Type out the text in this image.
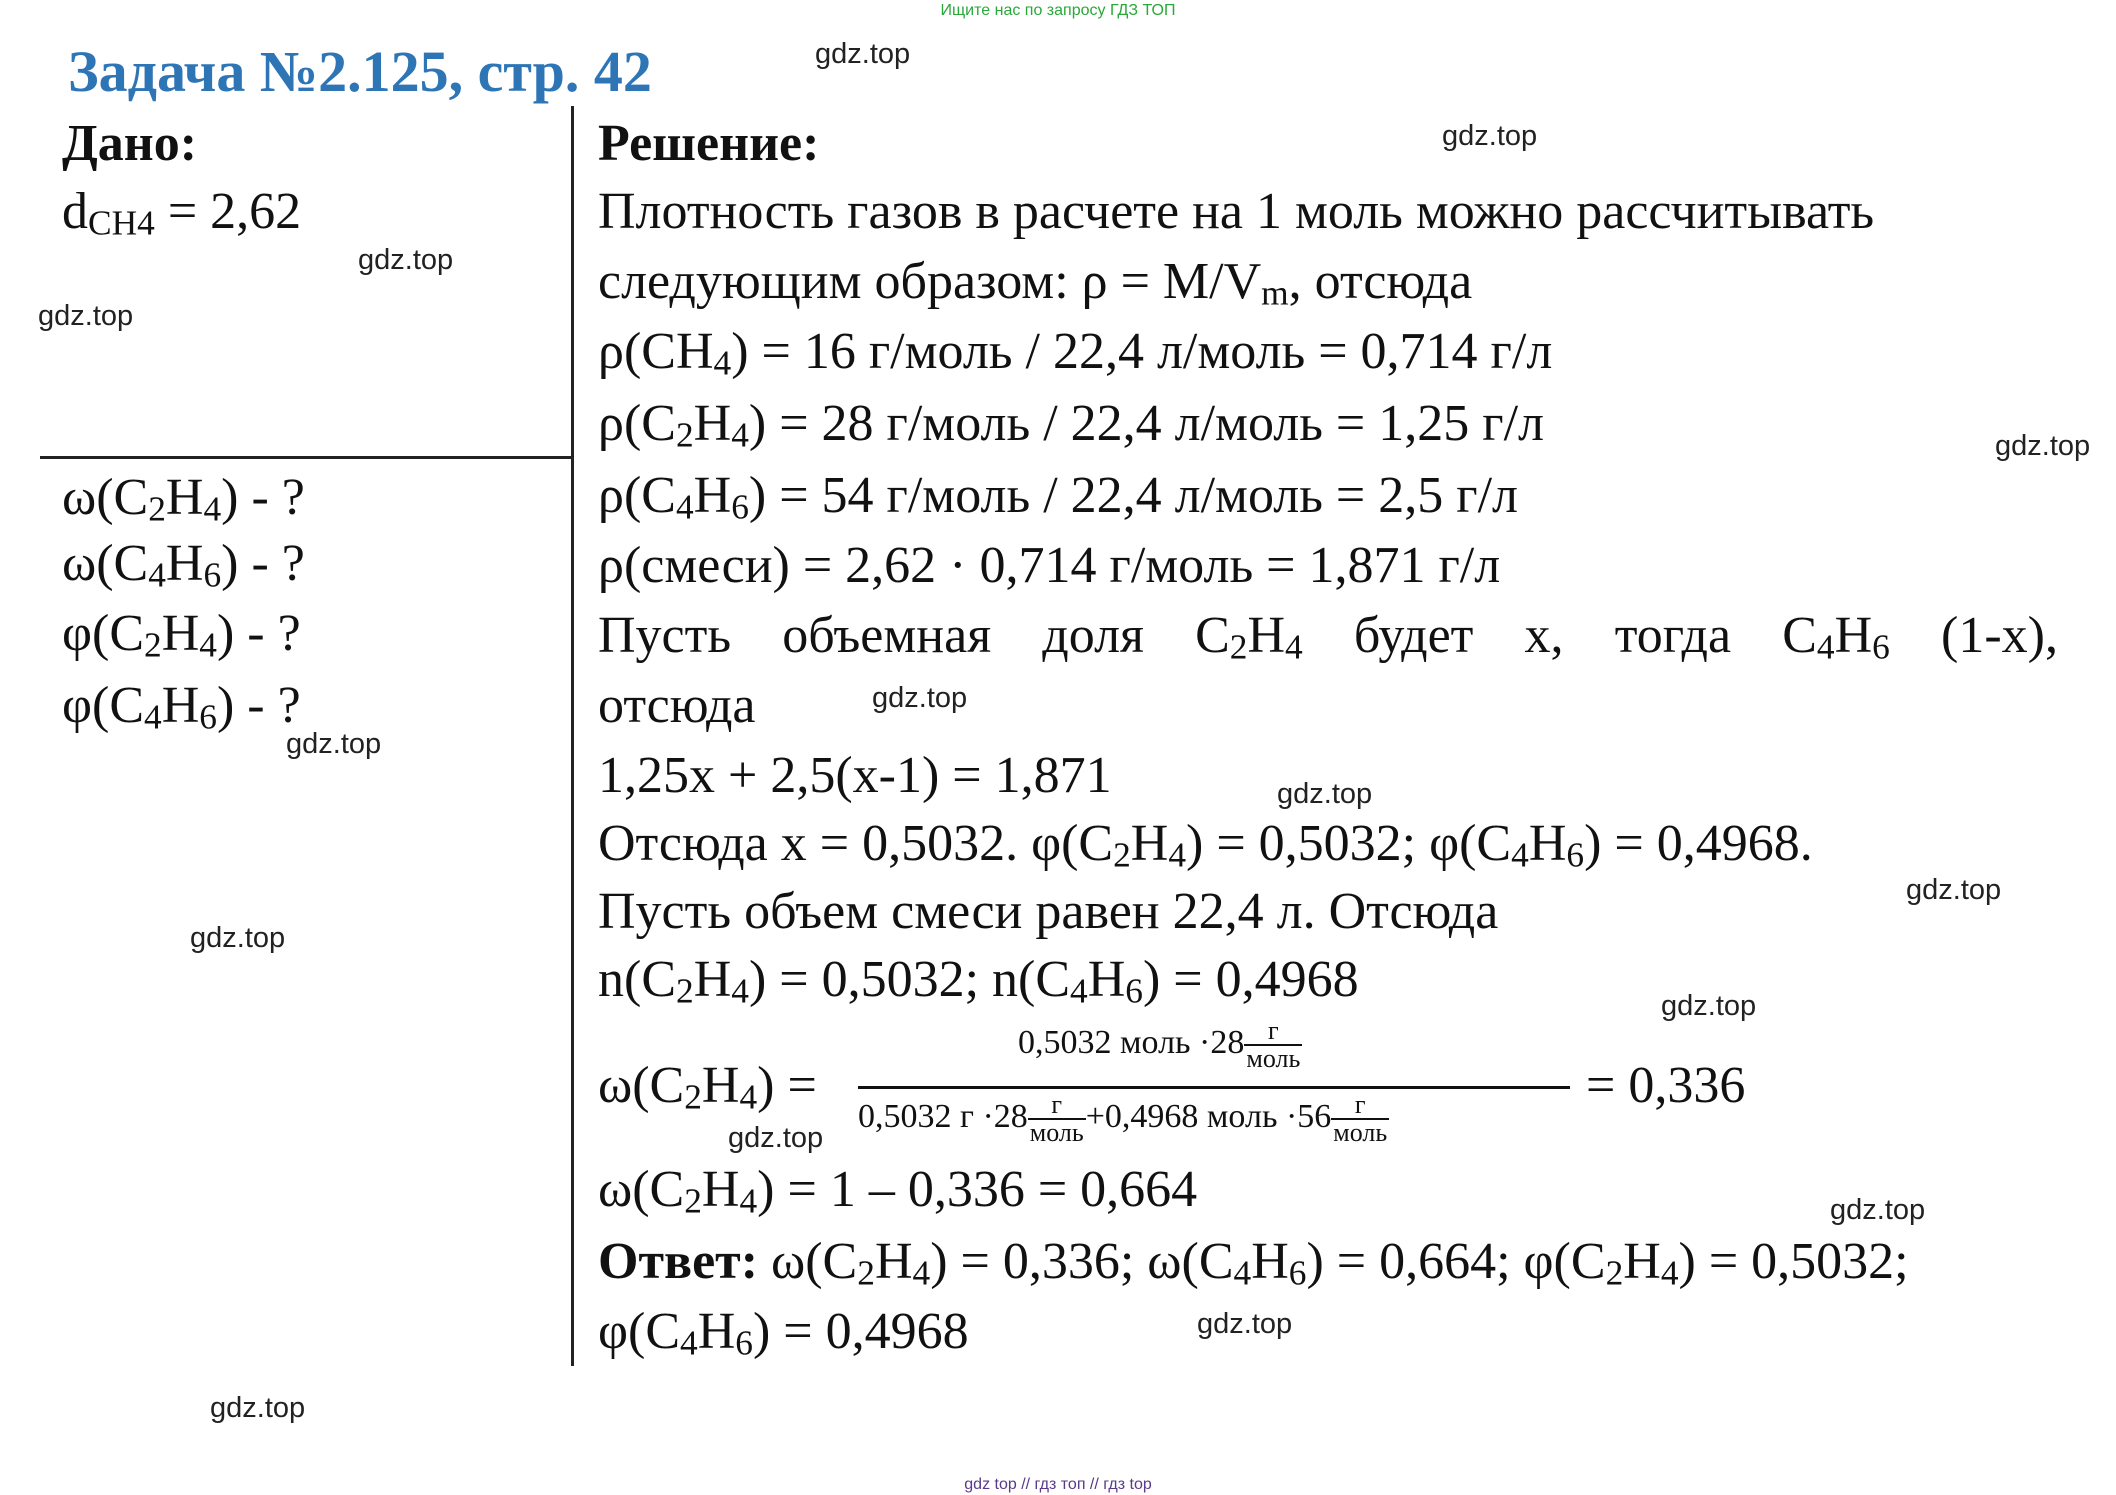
Ищите нас по запросу ГДЗ ТОП
Задача №2.125, стр. 42	gdz.top
gdz.top
gdz.top
gdz.top
gdz.top
gdz.top
gdz.top
gdz.top
gdz.top
gdz.top
gdz.top
gdz.top
gdz.top
gdz.top
gdz.top
Дано:
dCH4 = 2,62
ω(C2H4) - ?
ω(C4H6) - ?
φ(C2H4) - ?
φ(C4H6) - ?
Решение:
Плотность газов в расчете на 1 моль можно рассчитывать
следующим образом: ρ = M/Vm, отсюда
ρ(CH4) = 16 г/моль / 22,4 л/моль = 0,714 г/л
ρ(C2H4) = 28 г/моль / 22,4 л/моль = 1,25 г/л
ρ(C4H6) = 54 г/моль / 22,4 л/моль = 2,5 г/л
ρ(смеси) = 2,62 · 0,714 г/моль = 1,871 г/л
Пусть объемная доля C2H4 будет x, тогда C4H6 (1-x),
отсюда
1,25x + 2,5(x-1) = 1,871
Отсюда x = 0,5032. φ(C2H4) = 0,5032; φ(C4H6) = 0,4968.
Пусть объем смеси равен 22,4 л. Отсюда
n(C2H4) = 0,5032; n(C4H6) = 0,4968
ω(C2H4) =
0,5032 моль $\cdot 28 \frac{г}{\text{моль}}$
0,5032 $г \cdot 28 \frac{г}{\text{моль}} +0,4968$ моль $\cdot 56 \frac{г}{\text{моль}}$
= 0,336
ω(C2H4) = 1 – 0,336 = 0,664
Ответ: ω(C2H4) = 0,336; ω(C4H6) = 0,664; φ(C2H4) = 0,5032;
φ(C4H6) = 0,4968
gdz top // гдз топ // гдз top
